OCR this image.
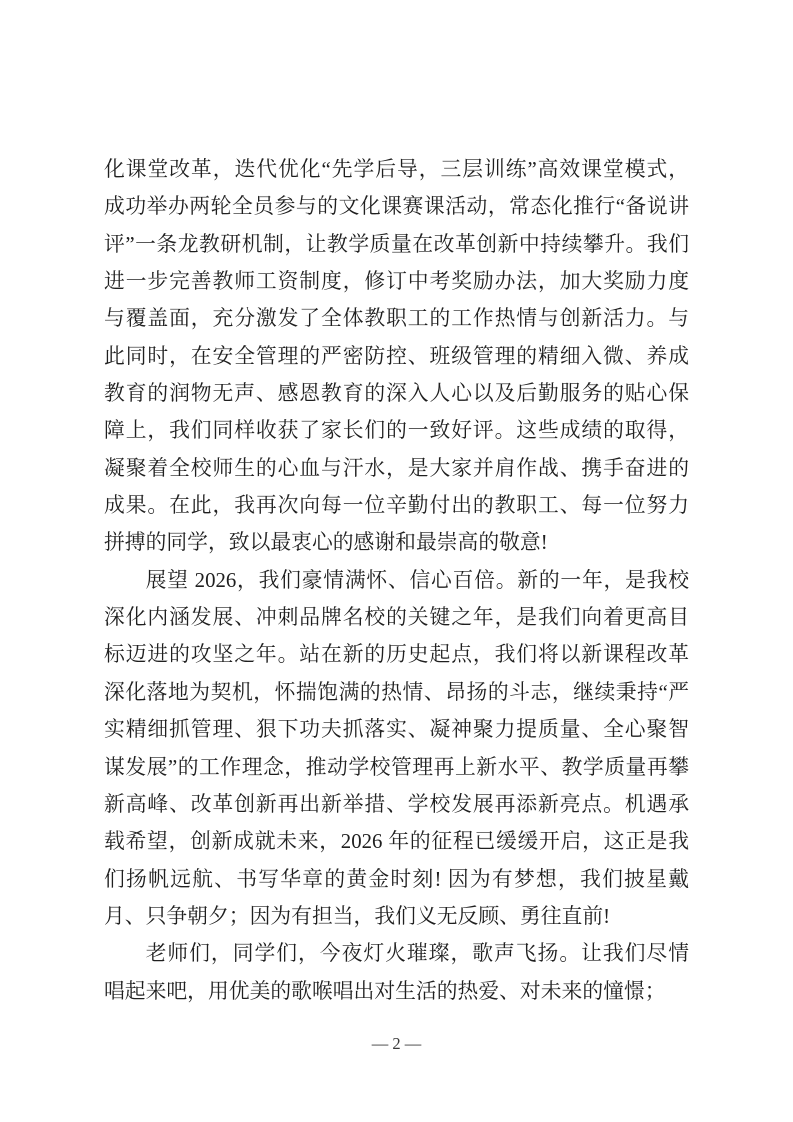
化课堂改革，迭代优化“先学后导，三层训练”高效课堂模式，
成功举办两轮全员参与的文化课赛课活动，常态化推行“备说讲
评”一条龙教研机制，让教学质量在改革创新中持续攀升。我们
进一步完善教师工资制度，修订中考奖励办法，加大奖励力度
与覆盖面，充分激发了全体教职工的工作热情与创新活力。与
此同时，在安全管理的严密防控、班级管理的精细入微、养成
教育的润物无声、感恩教育的深入人心以及后勤服务的贴心保
障上，我们同样收获了家长们的一致好评。这些成绩的取得，
凝聚着全校师生的心血与汗水，是大家并肩作战、携手奋进的
成果。在此，我再次向每一位辛勤付出的教职工、每一位努力
拼搏的同学，致以最衷心的感谢和最崇高的敬意!
展望 2026，我们豪情满怀、信心百倍。新的一年，是我校
深化内涵发展、冲刺品牌名校的关键之年，是我们向着更高目
标迈进的攻坚之年。站在新的历史起点，我们将以新课程改革
深化落地为契机，怀揣饱满的热情、昂扬的斗志，继续秉持“严
实精细抓管理、狠下功夫抓落实、凝神聚力提质量、全心聚智
谋发展”的工作理念，推动学校管理再上新水平、教学质量再攀
新高峰、改革创新再出新举措、学校发展再添新亮点。机遇承
载希望，创新成就未来，2026 年的征程已缓缓开启，这正是我
们扬帆远航、书写华章的黄金时刻! 因为有梦想，我们披星戴
月、只争朝夕；因为有担当，我们义无反顾、勇往直前!
老师们，同学们，今夜灯火璀璨，歌声飞扬。让我们尽情
唱起来吧，用优美的歌喉唱出对生活的热爱、对未来的憧憬；
— 2 —
